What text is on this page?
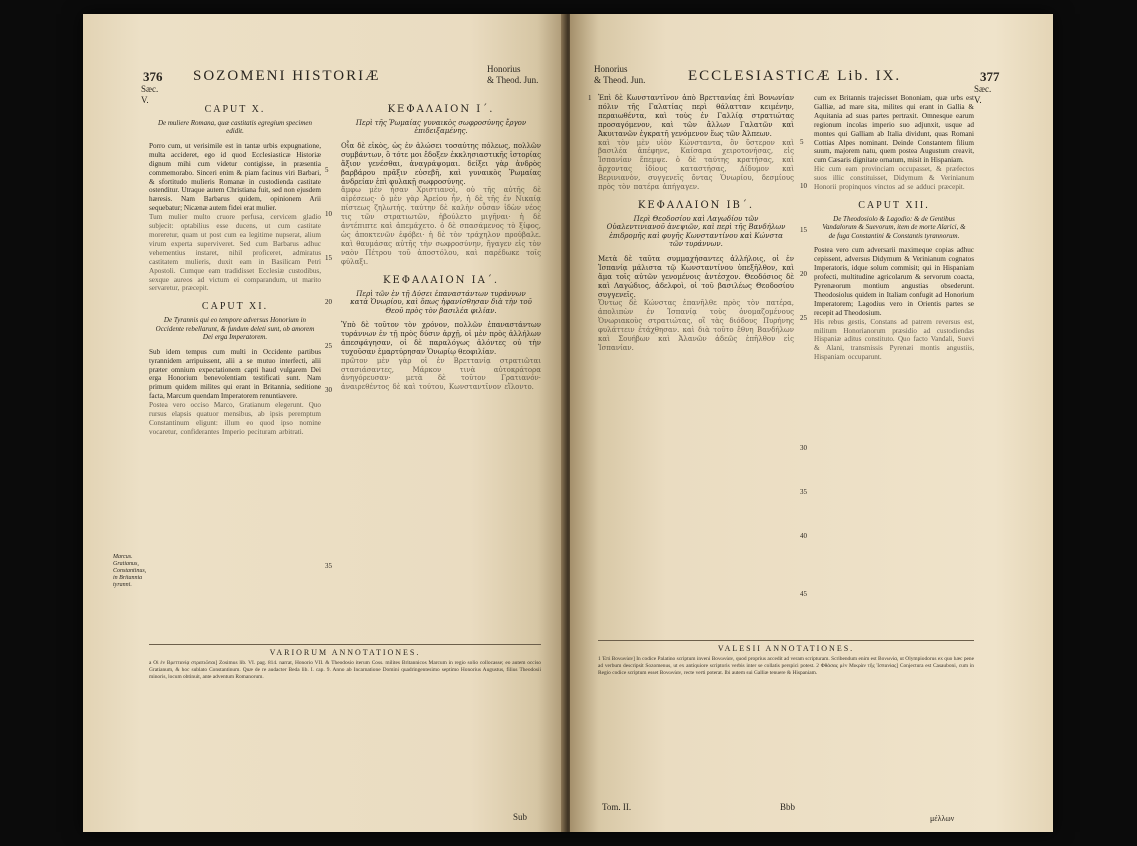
376 SOZOMENI HISTORIÆ	Honorius
& Theod. Jun.
Sæc.
V.
CAPUT X.
De muliere Romana, quæ castitatis egregium specimen edidit.

Porro cum, ut verisimile est in tantæ urbis expugnatione, multa accideret, ego id quod Ecclesiasticæ Historiæ dignum mihi cum videtur contigisse, in præsentia commemorabo. Sinceri enim & piam facinus viri Barbari, & sfortitudo mulieris Romanæ in custodienda castitate ostenditur. Utraque autem Christiana fuit, sed non ejusdem hæresis. Nam Barbarus quidem, opinionem Arii sequebatur; Nicænæ autem fidei erat mulier.

Tum mulier multo cruore perfusa, cervicem gladio subjecit: optabilius esse ducens, ut cum castitate moreretur, quam ut post cum ea legitime nupserat, alium virum experta superviveret. Sed cum Barbarus adhuc vehementius instaret, nihil proficeret, admiratus castitatem mulieris, duxit eam in Basilicam Petri Apostoli. Cumque eam tradidisset Ecclesiæ custodibus, sexque aureos ad victum ei comparandum, ut marito servaretur, præcepit.

CAPUT XI.
De Tyrannis qui eo tempore adversus Honorium in Occidente rebellarunt, & fundum deleti sunt, ob amorem Dei erga Imperatorem.

Sub idem tempus cum multi in Occidente partibus tyrannidem arripuissent, alii a se mutuo interfecti, alii præter omnium expectationem capti haud vulgarem Dei erga Honorium benevolentiam testificati sunt. Nam primum quidem milites qui erant in Britannia, seditione facta, Marcum quendam Imperatorem renuntiavere.

Postea vero occiso Marco, Gratianum elegerunt. Quo rursus elapsis quatuor mensibus, ab ipsis peremptum Constantinum eligunt: illum eo quod ipso nomine vocaretur, confiderantes Imperio pecituram arbitrati.

ΚΕΦΑΛΑΙΟΝ Ι΄.
Περὶ τῆς Ῥωμαίας γυναικὸς σωφροσύνης ἔργον ἐπιδειξαμένης.

Οἷα δὲ εἰκὸς, ὡς ἐν ἁλώσει τοσαύτης πόλεως, πολλῶν συμβάντων, ὃ τότε μοι ἔδοξεν ἐκκλησιαστικῆς ἱστορίας ἄξιον γενέσθαι, ἀναγράψομαι. δείξει γὰρ ἀνδρὸς βαρβάρου πρᾶξιν εὐσεβῆ, καὶ γυναικὸς Ῥωμαίας ἀνδρείαν ἐπὶ φυλακῇ σωφροσύνης.

ἄμφω μὲν ἦσαν Χριστιανοὶ, οὐ τῆς αὐτῆς δὲ αἱρέσεως· ὁ μὲν γὰρ Ἀρείου ἦν, ἡ δὲ τῆς ἐν Νικαίᾳ πίστεως ζηλωτής. ταύτην δὲ καλὴν οὖσαν ἰδὼν νέος τις τῶν στρατιωτῶν, ἠβούλετο μιγῆναι· ἡ δὲ ἀντέπιπτε καὶ ἀπεμάχετο. ὁ δὲ σπασάμενος τὸ ξίφος, ὡς ἀποκτενῶν ἐφόβει· ἡ δὲ τὸν τράχηλον προύβαλε. καὶ θαυμάσας αὐτῆς τὴν σωφροσύνην, ἤγαγεν εἰς τὸν ναὸν Πέτρου τοῦ ἀποστόλου, καὶ παρέδωκε τοῖς φύλαξι.

ΚΕΦΑΛΑΙΟΝ ΙΑ΄.
Περὶ τῶν ἐν τῇ Δύσει ἐπαναστάντων τυράννων κατὰ Ὁνωρίου, καὶ ὅπως ἠφανίσθησαν διὰ τὴν τοῦ Θεοῦ πρὸς τὸν βασιλέα φιλίαν.

Ὑπὸ δὲ τοῦτον τὸν χρόνον, πολλῶν ἐπαναστάντων τυράννων ἐν τῇ πρὸς δύσιν ἀρχῇ, οἱ μὲν πρὸς ἀλλήλων ἀπεσφάγησαν, οἱ δὲ παραλόγως ἁλόντες οὐ τὴν τυχοῦσαν ἐμαρτύρησαν Ὁνωρίῳ θεοφιλίαν.

πρῶτον μὲν γὰρ οἱ ἐν Βρεττανίᾳ στρατιῶται στασιάσαντες, Μάρκον τινὰ αὐτοκράτορα ἀνηγόρευσαν· μετὰ δὲ τοῦτον Γρατιανόν· ἀναιρεθέντος δὲ καὶ τούτου, Κωνσταντῖνον εἵλοντο.

Marcus. Gratianus, Constantinus, in Britannia tyranni.
5
10
15
20
25
30
35
VARIORUM ANNOTATIONES.
a Οἱ ἐν Βρεττανίᾳ στρατιῶται] Zosimus lib. VI. pag. 814. narrat, Honorio VII. & Theodosio iterum Coss. milites Britannicos Marcum in regio solio collocasse; eo autem occiso Gratianum, & hoc sublato Constantinum. Quæ de re audacter Beda lib. I. cap. 9. Anno ab Incarnatione Domini quadringentesimo septimo Honorius Augustus, filius Theodosii minoris, locum obtinuit, ante adventum Romanorum.
Sub
Honorius
& Theod. Jun.	ECCLESIASTICÆ Lib. IX.	377
Sæc.
V.

Ἐπὶ δὲ Κωνσταντῖνον ἀπὸ Βρεττανίας ἐπὶ Βονωνίαν πόλιν τῆς Γαλατίας περὶ θάλατταν κειμένην, περαιωθέντα, καὶ τοὺς ἐν Γαλλίᾳ στρατιώτας προσαγόμενον, καὶ τῶν ἄλλων Γαλατῶν καὶ Ἀκυιτανῶν ἐγκρατῆ γενόμενον ἕως τῶν Ἀλπεων.

καὶ τὸν μὲν υἱὸν Κώνσταντα, ὃν ὕστερον καὶ βασιλέα ἀπέφηνε, Καίσαρα χειροτονήσας, εἰς Ἱσπανίαν ἔπεμψε. ὁ δὲ ταύτης κρατήσας, καὶ ἄρχοντας ἰδίους καταστήσας, Δίδυμον καὶ Βερινιανὸν, συγγενεῖς ὄντας Ὁνωρίου, δεσμίους πρὸς τὸν πατέρα ἀπήγαγεν.

ΚΕΦΑΛΑΙΟΝ ΙΒ΄.
Περὶ Θεοδοσίου καὶ Λαγωδίου τῶν Οὐαλεντινιανοῦ ἀνεψιῶν, καὶ περὶ τῆς Βανδήλων ἐπιδρομῆς καὶ φυγῆς Κωνσταντίνου καὶ Κώνστα τῶν τυράννων.

Μετὰ δὲ ταῦτα συμμαχήσαντες ἀλλήλοις, οἱ ἐν Ἱσπανίᾳ μάλιστα τῷ Κωνσταντίνου ὑπεξῆλθον, καὶ ἅμα τοῖς αὐτῶν γενομένοις ἀντέσχον. Θεοδόσιος δὲ καὶ Λαγώδιος, ἀδελφοὶ, οἱ τοῦ βασιλέως Θεοδοσίου συγγενεῖς.

Ὄντως δὲ Κώνστας ἐπανῆλθε πρὸς τὸν πατέρα, ἀπολιπὼν ἐν Ἱσπανίᾳ τοὺς ὀνομαζομένους Ὁνωριακοὺς στρατιώτας, οἳ τὰς διόδους Πυρήνης φυλάττειν ἐτάχθησαν. καὶ διὰ τοῦτο ἔθνη Βανδήλων καὶ Σουήβων καὶ Ἀλανῶν ἀδεῶς ἐπῆλθον εἰς Ἱσπανίαν.

cum ex Britannis trajecisset Bononiam, quæ urbs est Galliæ, ad mare sita, milites qui erant in Gallia & Aquitania ad suas partes pertraxit. Omnesque earum regionum incolas imperio suo adjunxit, usque ad montes qui Galliam ab Italia dividunt, quas Romani Cottias Alpes nominant. Deinde Constantem filium suum, majorem natu, quem postea Augustum creavit, cum Cæsaris dignitate ornatum, misit in Hispaniam.

Hic cum eam provinciam occupasset, & præfectos suos illic constituisset, Didymum & Verinianum Honorii propinquos vinctos ad se adduci præcepit.

CAPUT XII.
De Theodosiolo & Lagodio: & de Gentibus Vandalorum & Suevorum, item de morte Alarici, & de fuga Constantini & Constantis tyrannorum.

Postea vero cum adversarii maximeque copias adhuc cepissent, adversus Didymum & Verinianum cognatos Imperatoris, idque solum commisit; qui in Hispaniam profecti, multitudine agricolarum & servorum coacta, Pyrenæorum montium angustias obsederunt. Theodosiolus quidem in Italiam confugit ad Honorium Imperatorem; Lagodius vero in Orientis partes se recepit ad Theodosium.

His rebus gestis, Constans ad patrem reversus est, militum Honorianorum præsidio ad custodiendas Hispaniæ aditus constituto. Quo facto Vandali, Suevi & Alani, transmissis Pyrenæi montis angustiis, Hispaniam occuparunt.

1
5
10
15
20
25
30
35
40
45
VALESII ANNOTATIONES.
1 Ἐπὶ Βονωνίαν] In codice Palatino scriptum inveni Βονωνίαν, quod proprius accedit ad veram scripturam. Scribendum enim est Βονωνία, ut Olympiodorus ex quo hæc pene ad verbum descripsit Sozomenus, ut ex antiquiore scriptoris verbis inter se collatis perspici potest. 2 Φθάσας μὲν Μικρὰν τῆς Ἰσπανίας] Conjectura est Casauboni, cum in Regio codice scriptum esset Βονωνίαν, recte verti poterat. Ibi autem sui Galliæ tenuere & Hispaniam.
Tom. II.	Bbb
μέλλων
